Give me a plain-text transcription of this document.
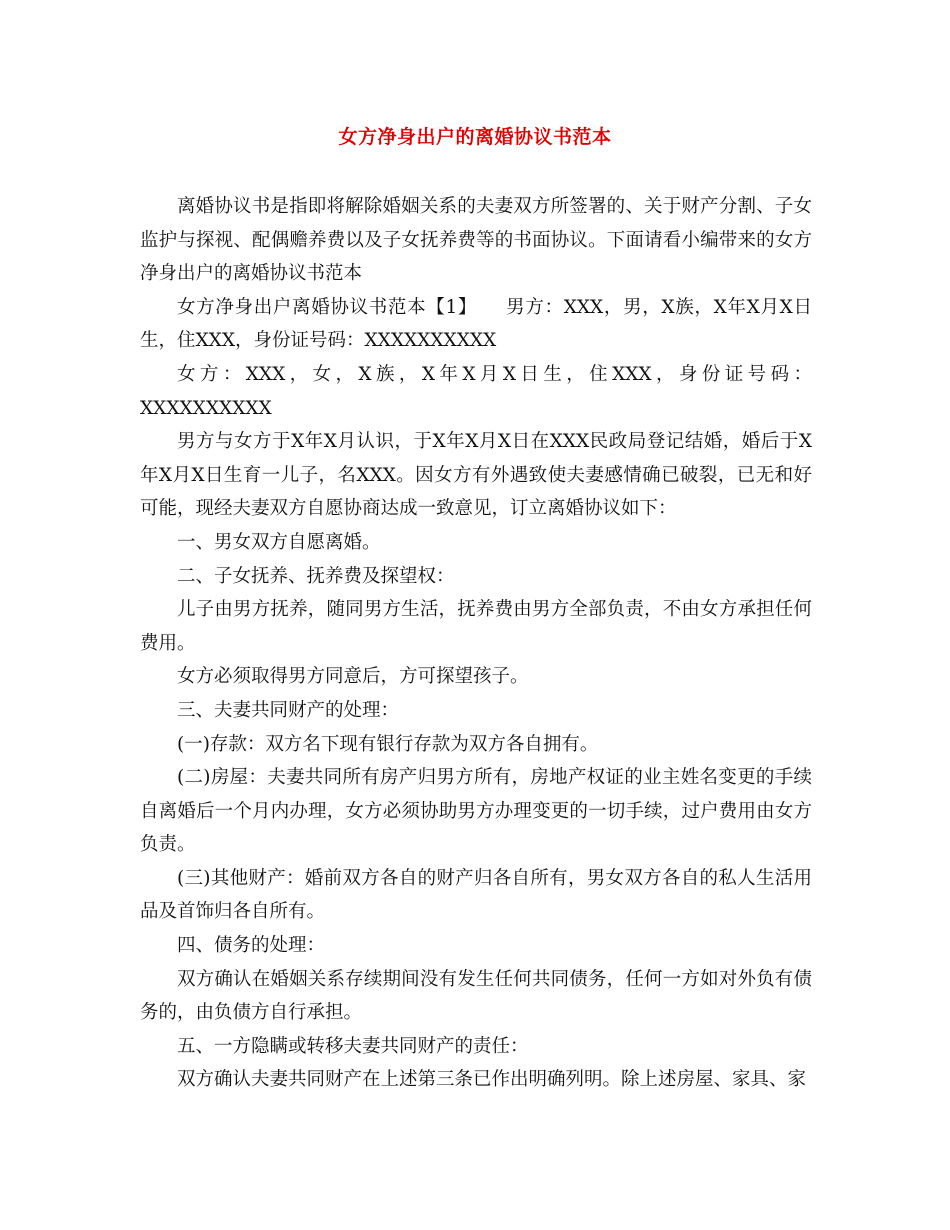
女方净身出户的离婚协议书范本

离婚协议书是指即将解除婚姻关系的夫妻双方所签署的、关于财产分割、子女监护与探视、配偶赡养费以及子女抚养费等的书面协议。下面请看小编带来的女方净身出户的离婚协议书范本

女方净身出户离婚协议书范本【1】　　男方：XXX，男，X族，X年X月X日生，住XXX，身份证号码：XXXXXXXXXX

女方：XXX，女，X族，X年X月X日生，住XXX，身份证号码：XXXXXXXXXX

男方与女方于X年X月认识，于X年X月X日在XXX民政局登记结婚，婚后于X年X月X日生育一儿子，名XXX。因女方有外遇致使夫妻感情确已破裂，已无和好可能，现经夫妻双方自愿协商达成一致意见，订立离婚协议如下：

一、男女双方自愿离婚。

二、子女抚养、抚养费及探望权：

儿子由男方抚养，随同男方生活，抚养费由男方全部负责，不由女方承担任何费用。

女方必须取得男方同意后，方可探望孩子。

三、夫妻共同财产的处理：

(一)存款：双方名下现有银行存款为双方各自拥有。

(二)房屋：夫妻共同所有房产归男方所有，房地产权证的业主姓名变更的手续自离婚后一个月内办理，女方必须协助男方办理变更的一切手续，过户费用由女方负责。

(三)其他财产：婚前双方各自的财产归各自所有，男女双方各自的私人生活用品及首饰归各自所有。

四、债务的处理：

双方确认在婚姻关系存续期间没有发生任何共同债务，任何一方如对外负有债务的，由负债方自行承担。

五、一方隐瞒或转移夫妻共同财产的责任：

双方确认夫妻共同财产在上述第三条已作出明确列明。除上述房屋、家具、家
